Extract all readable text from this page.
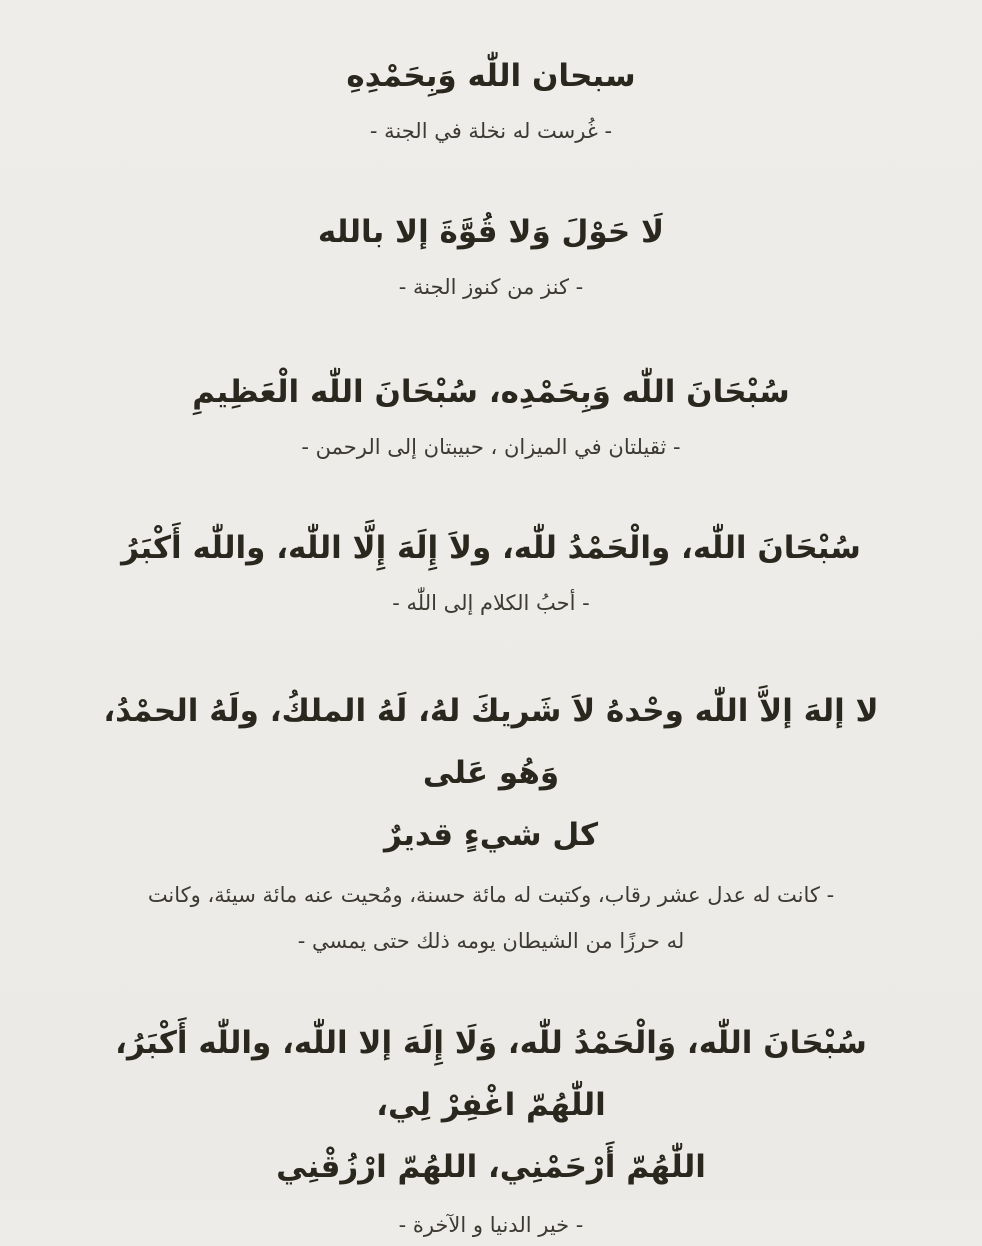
سبحان اللّٰه وَبِحَمْدِهِ

- غُرست له نخلة في الجنة -

لَا حَوْلَ وَلا قُوَّةَ إلا بالله

- كنز من كنوز الجنة -

سُبْحَانَ اللّٰه وَبِحَمْدِه، سُبْحَانَ اللّٰه الْعَظِيمِ

- ثقيلتان في الميزان ، حبيبتان إلى الرحمن -

سُبْحَانَ اللّٰه، والْحَمْدُ للّٰه، ولاَ إِلَهَ إِلَّا اللّٰه، واللّٰه أَكْبَرُ

- أحبُ الكلام إلى اللّٰه -

لا إلهَ إلاَّ اللّٰه وحْدهُ لاَ شَريكَ لهُ، لَهُ الملكُ، ولَهُ الحمْدُ، وَهُو عَلى
كل شيءٍ قديرٌ

- كانت له عدل عشر رقاب، وكتبت له مائة حسنة، ومُحيت عنه مائة سيئة، وكانت
له حرزًا من الشيطان يومه ذلك حتى يمسي -

سُبْحَانَ اللّٰه، وَالْحَمْدُ للّٰه، وَلَا إِلَهَ إلا اللّٰه، واللّٰه أَكْبَرُ، اللّٰهُمّ اغْفِرْ لِي،
اللّٰهُمّ أَرْحَمْنِي، اللهُمّ ارْزُقْنِي

- خير الدنيا و الآخرة -
